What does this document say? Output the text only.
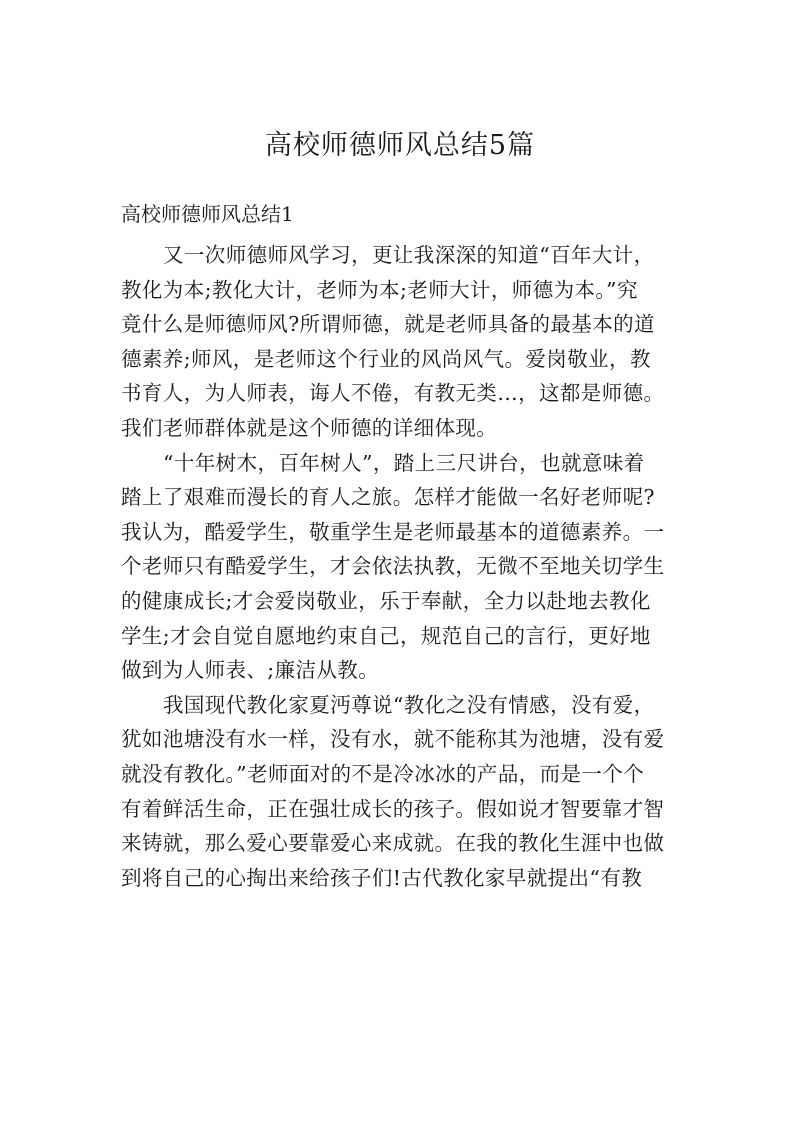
高校师德师风总结5篇
高校师德师风总结1

又一次师德师风学习，更让我深深的知道“百年大计，
教化为本;教化大计，老师为本;老师大计，师德为本。”究
竟什么是师德师风?所谓师德，就是老师具备的最基本的道
德素养;师风，是老师这个行业的风尚风气。爱岗敬业，教
书育人，为人师表，诲人不倦，有教无类…，这都是师德。
我们老师群体就是这个师德的详细体现。

“十年树木，百年树人”，踏上三尺讲台，也就意味着
踏上了艰难而漫长的育人之旅。怎样才能做一名好老师呢?
我认为，酷爱学生，敬重学生是老师最基本的道德素养。一
个老师只有酷爱学生，才会依法执教，无微不至地关切学生
的健康成长;才会爱岗敬业，乐于奉献，全力以赴地去教化
学生;才会自觉自愿地约束自己，规范自己的言行，更好地
做到为人师表、;廉洁从教。

我国现代教化家夏沔尊说“教化之没有情感，没有爱，
犹如池塘没有水一样，没有水，就不能称其为池塘，没有爱
就没有教化。”老师面对的不是冷冰冰的产品，而是一个个
有着鲜活生命，正在强壮成长的孩子。假如说才智要靠才智
来铸就，那么爱心要靠爱心来成就。在我的教化生涯中也做
到将自己的心掏出来给孩子们!古代教化家早就提出“有教
